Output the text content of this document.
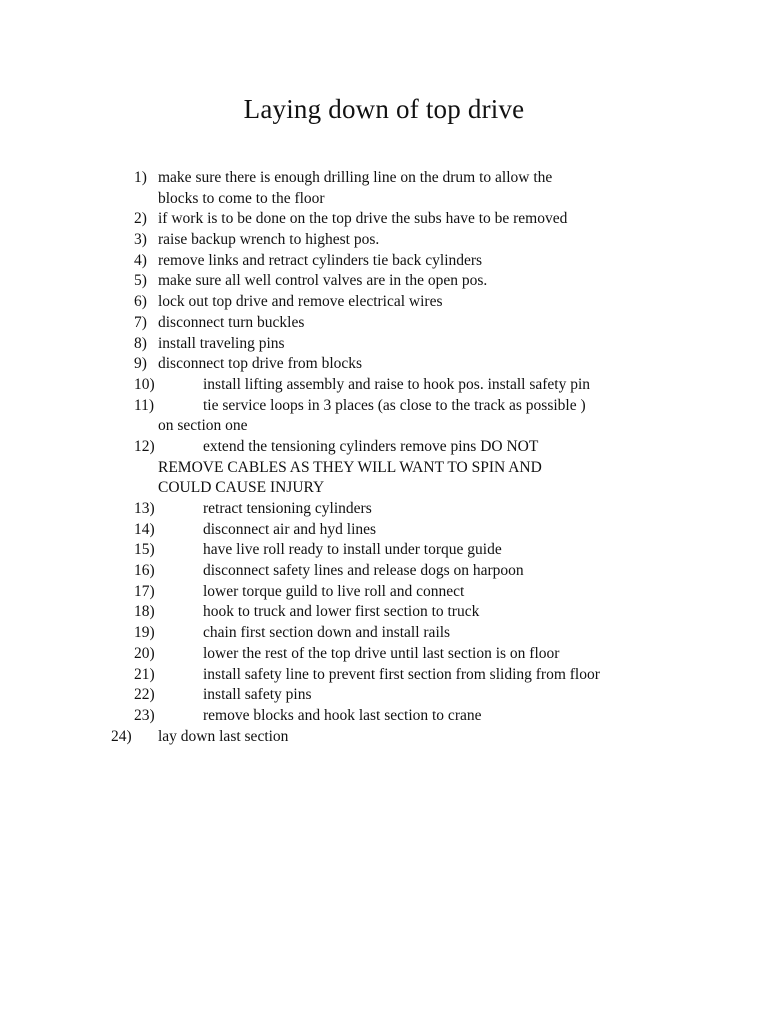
Laying down of top drive
1) make sure there is enough drilling line on the drum to allow the
blocks to come to the floor
2) if work is to be done on the top drive the subs have to be removed
3) raise backup wrench to highest pos.
4) remove links and retract cylinders tie back cylinders
5) make sure all well control valves are in the open pos.
6) lock out top drive and remove electrical wires
7) disconnect turn buckles
8) install traveling pins
9) disconnect top drive from blocks
10)	install lifting assembly and raise to hook pos. install safety pin
11)	tie service loops in 3 places (as close to the track as possible )
on section one
12)	extend the tensioning cylinders remove pins DO NOT
REMOVE CABLES AS THEY WILL WANT TO SPIN AND
COULD CAUSE INJURY
13)	retract tensioning cylinders
14)	disconnect air and hyd lines
15)	have live roll ready to install under torque guide
16)	disconnect safety lines and release dogs on harpoon
17)	lower torque guild to live roll and connect
18)	hook to truck and lower first section to truck
19)	chain first section down and install rails
20)	lower the rest of the top drive until last section is on floor
21)	install safety line to prevent first section from sliding from floor
22)	install safety pins
23)	remove blocks and hook last section to crane
24) lay down last section
